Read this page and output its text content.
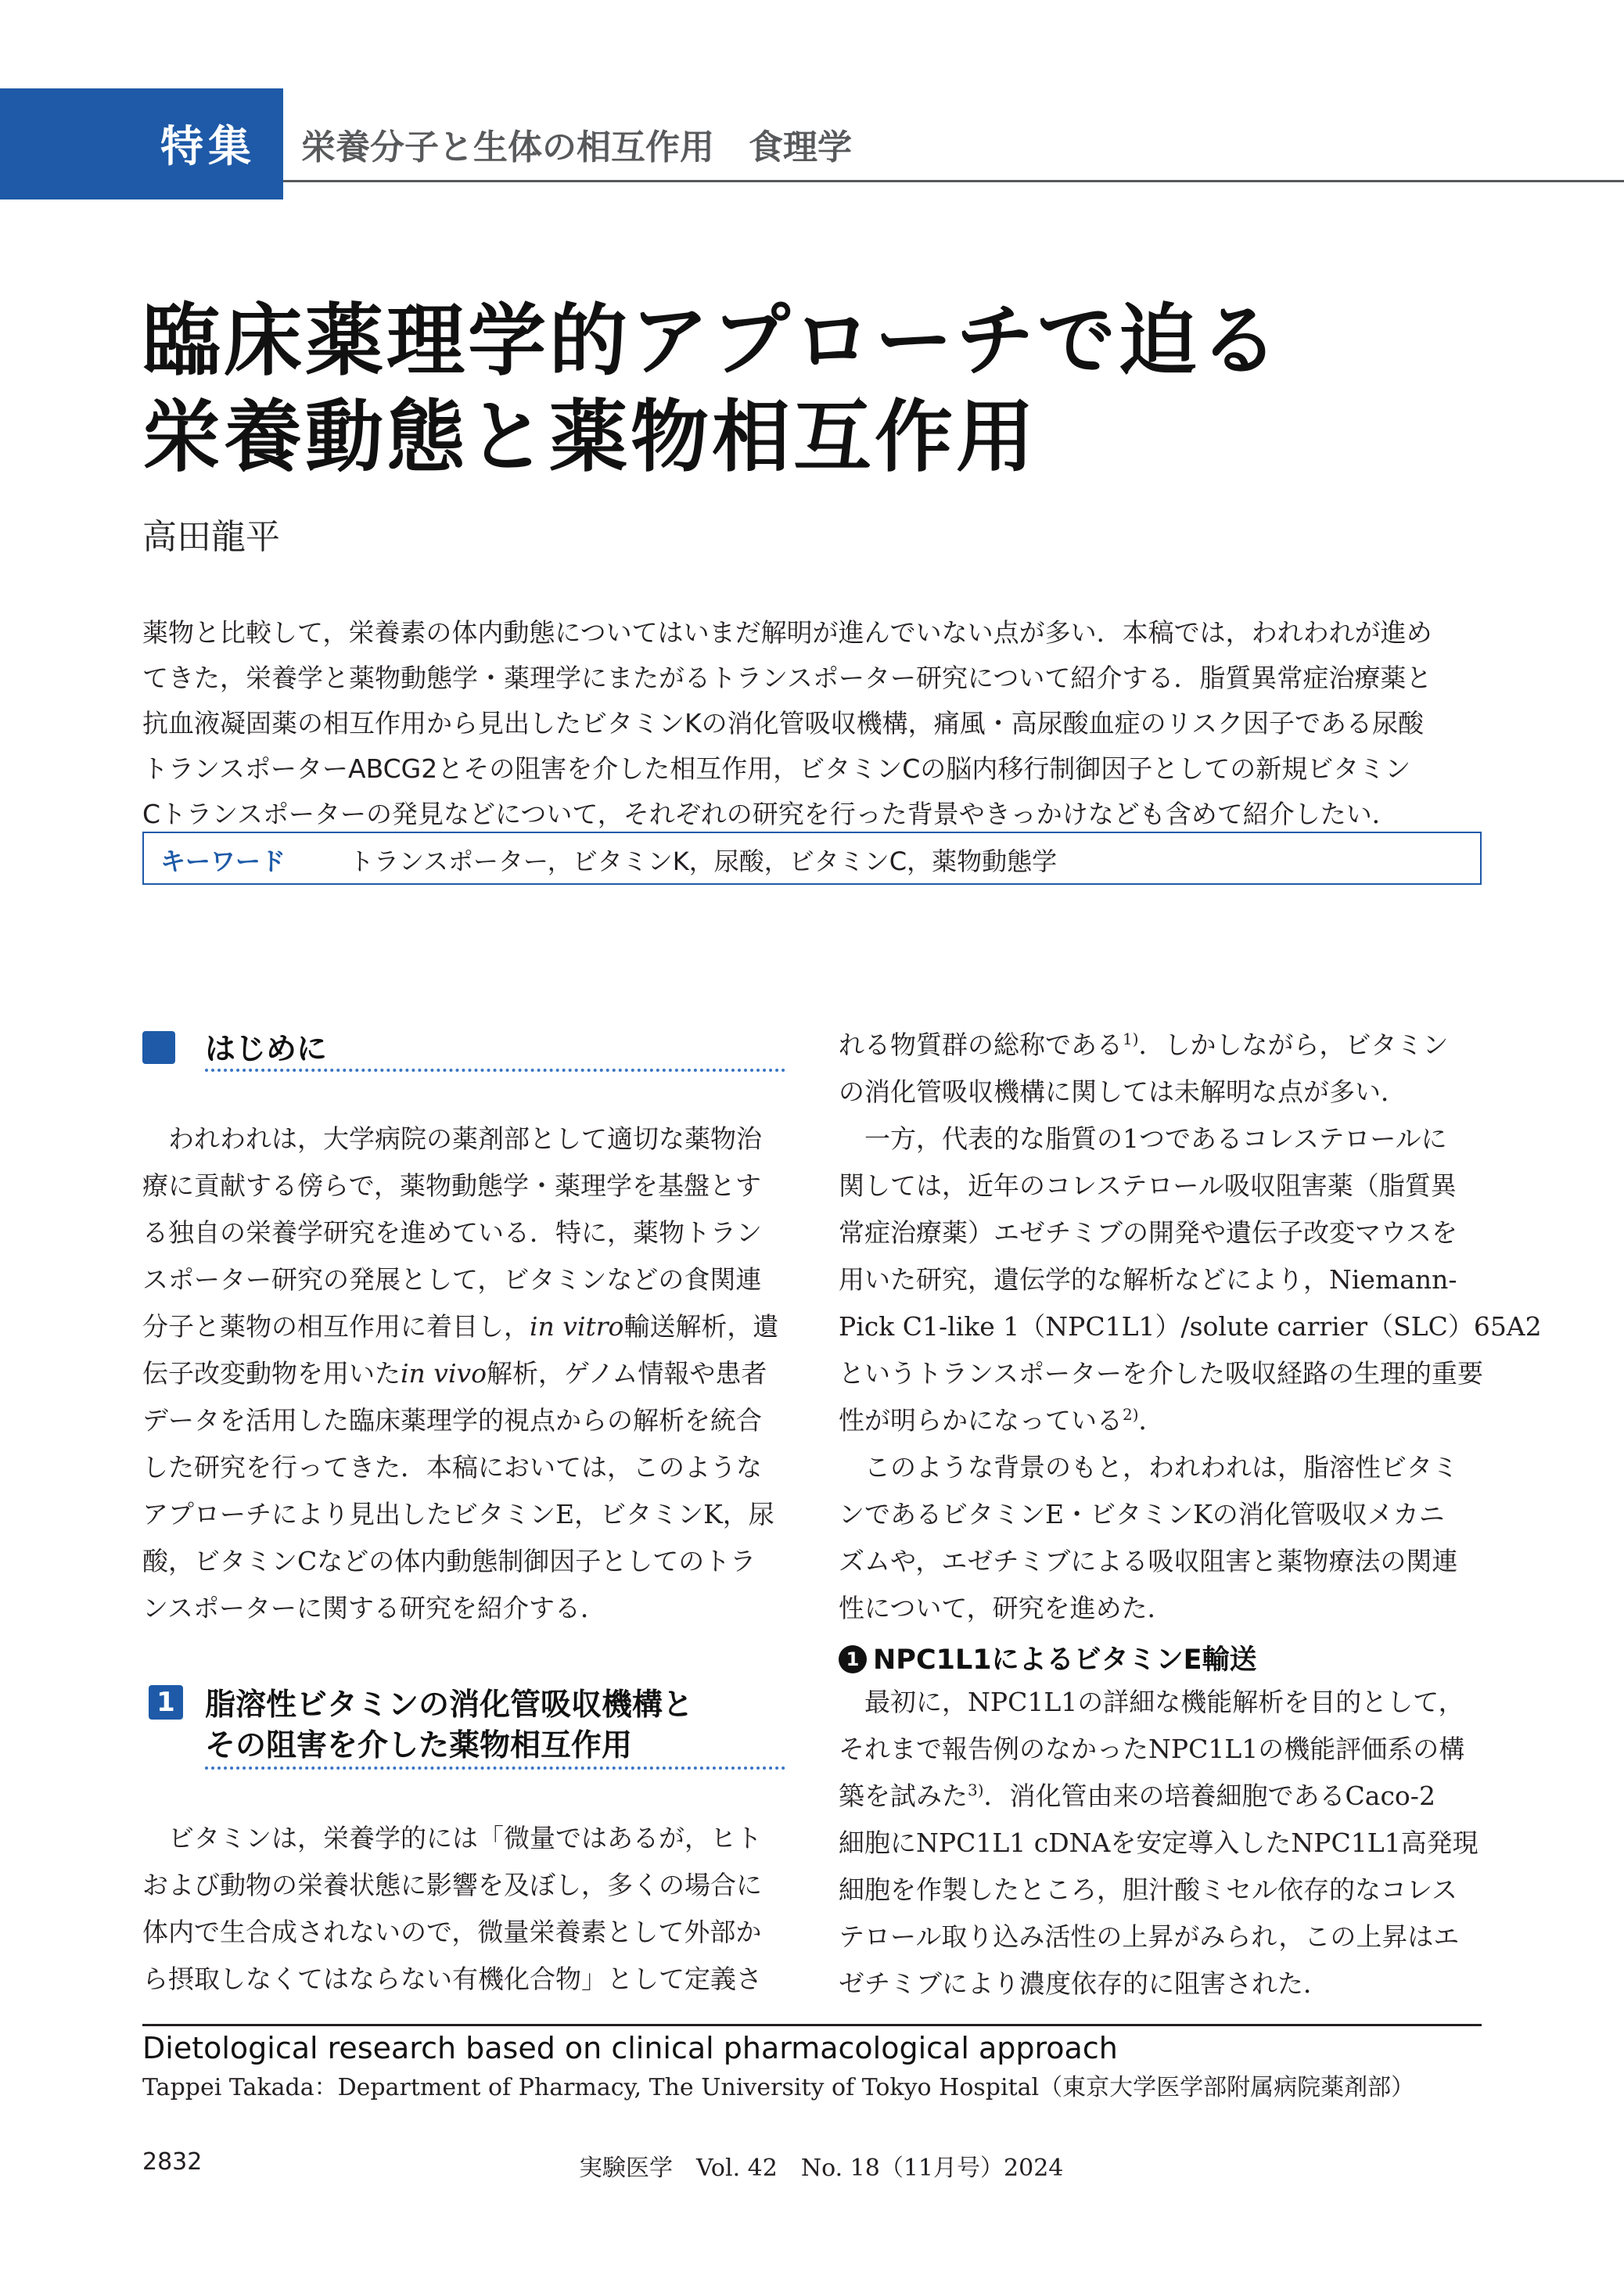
特集 栄養分子と生体の相互作用　食理学
臨床薬理学的アプローチで迫る
栄養動態と薬物相互作用
高田龍平
薬物と比較して，栄養素の体内動態についてはいまだ解明が進んでいない点が多い．本稿では，われわれが進め
てきた，栄養学と薬物動態学・薬理学にまたがるトランスポーター研究について紹介する．脂質異常症治療薬と
抗血液凝固薬の相互作用から見出したビタミンKの消化管吸収機構，痛風・高尿酸血症のリスク因子である尿酸
トランスポーターABCG2とその阻害を介した相互作用，ビタミンCの脳内移行制御因子としての新規ビタミン
Cトランスポーターの発見などについて，それぞれの研究を行った背景やきっかけなども含めて紹介したい．
キーワード	トランスポーター，ビタミンK，尿酸，ビタミンC，薬物動態学
はじめに
　われわれは，大学病院の薬剤部として適切な薬物治
療に貢献する傍らで，薬物動態学・薬理学を基盤とす
る独自の栄養学研究を進めている．特に，薬物トラン
スポーター研究の発展として，ビタミンなどの食関連
分子と薬物の相互作用に着目し，in vitro輸送解析，遺
伝子改変動物を用いたin vivo解析，ゲノム情報や患者
データを活用した臨床薬理学的視点からの解析を統合
した研究を行ってきた．本稿においては，このような
アプローチにより見出したビタミンE，ビタミンK，尿
酸，ビタミンCなどの体内動態制御因子としてのトラ
ンスポーターに関する研究を紹介する．
1 脂溶性ビタミンの消化管吸収機構と
その阻害を介した薬物相互作用
　ビタミンは，栄養学的には「微量ではあるが，ヒト
および動物の栄養状態に影響を及ぼし，多くの場合に
体内で生合成されないので，微量栄養素として外部か
ら摂取しなくてはならない有機化合物」として定義さ
れる物質群の総称である$^{1)}$．しかしながら，ビタミン
の消化管吸収機構に関しては未解明な点が多い．
　一方，代表的な脂質の1つであるコレステロールに
関しては，近年のコレステロール吸収阻害薬（脂質異
常症治療薬）エゼチミブの開発や遺伝子改変マウスを
用いた研究，遺伝学的な解析などにより，Niemann-
Pick C1-like 1（NPC1L1）/solute carrier（SLC）65A2
というトランスポーターを介した吸収経路の生理的重要
性が明らかになっている$^{2)}$．
　このような背景のもと，われわれは，脂溶性ビタミ
ンであるビタミンE・ビタミンKの消化管吸収メカニ
ズムや，エゼチミブによる吸収阻害と薬物療法の関連
性について，研究を進めた．
1 NPC1L1によるビタミンE輸送
　最初に，NPC1L1の詳細な機能解析を目的として，
それまで報告例のなかったNPC1L1の機能評価系の構
築を試みた$^{3)}$．消化管由来の培養細胞であるCaco-2
細胞にNPC1L1 cDNAを安定導入したNPC1L1高発現
細胞を作製したところ，胆汁酸ミセル依存的なコレス
テロール取り込み活性の上昇がみられ，この上昇はエ
ゼチミブにより濃度依存的に阻害された．
Dietological research based on clinical pharmacological approach
Tappei Takada：Department of Pharmacy, The University of Tokyo Hospital（東京大学医学部附属病院薬剤部）
2832	実験医学　Vol. 42　No. 18（11月号）2024
